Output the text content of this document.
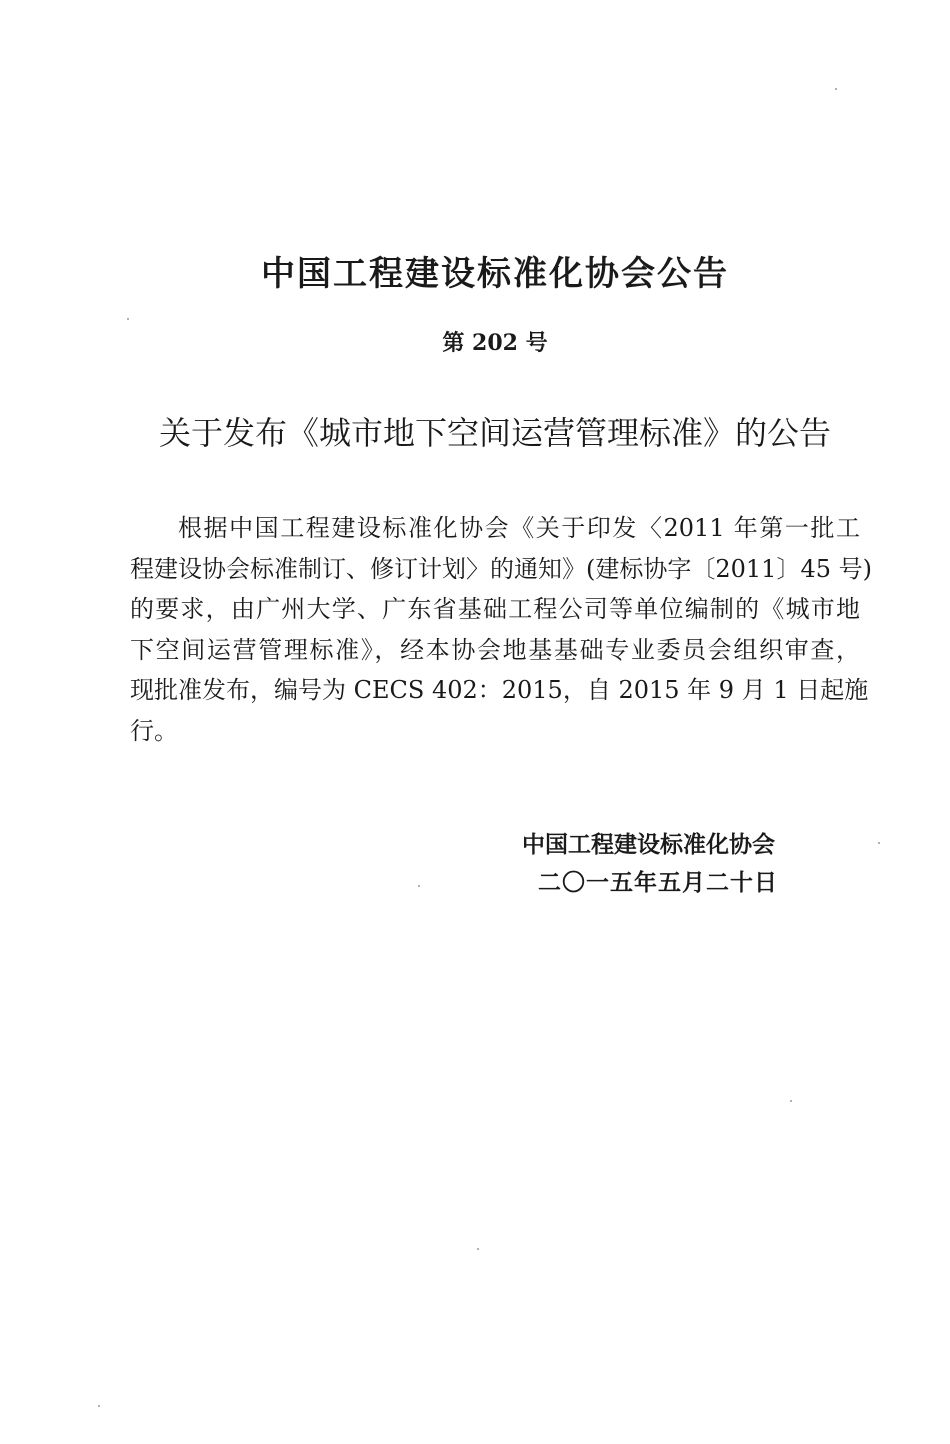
中国工程建设标准化协会公告
第 202 号
关于发布《城市地下空间运营管理标准》的公告
根据中国工程建设标准化协会《关于印发〈2011 年第一批工
程建设协会标准制订、修订计划〉的通知》(建标协字〔2011〕45 号)
的要求，由广州大学、广东省基础工程公司等单位编制的《城市地
下空间运营管理标准》，经本协会地基基础专业委员会组织审查，
现批准发布，编号为 CECS 402：2015，自 2015 年 9 月 1 日起施
行。
中国工程建设标准化协会

二〇一五年五月二十日
